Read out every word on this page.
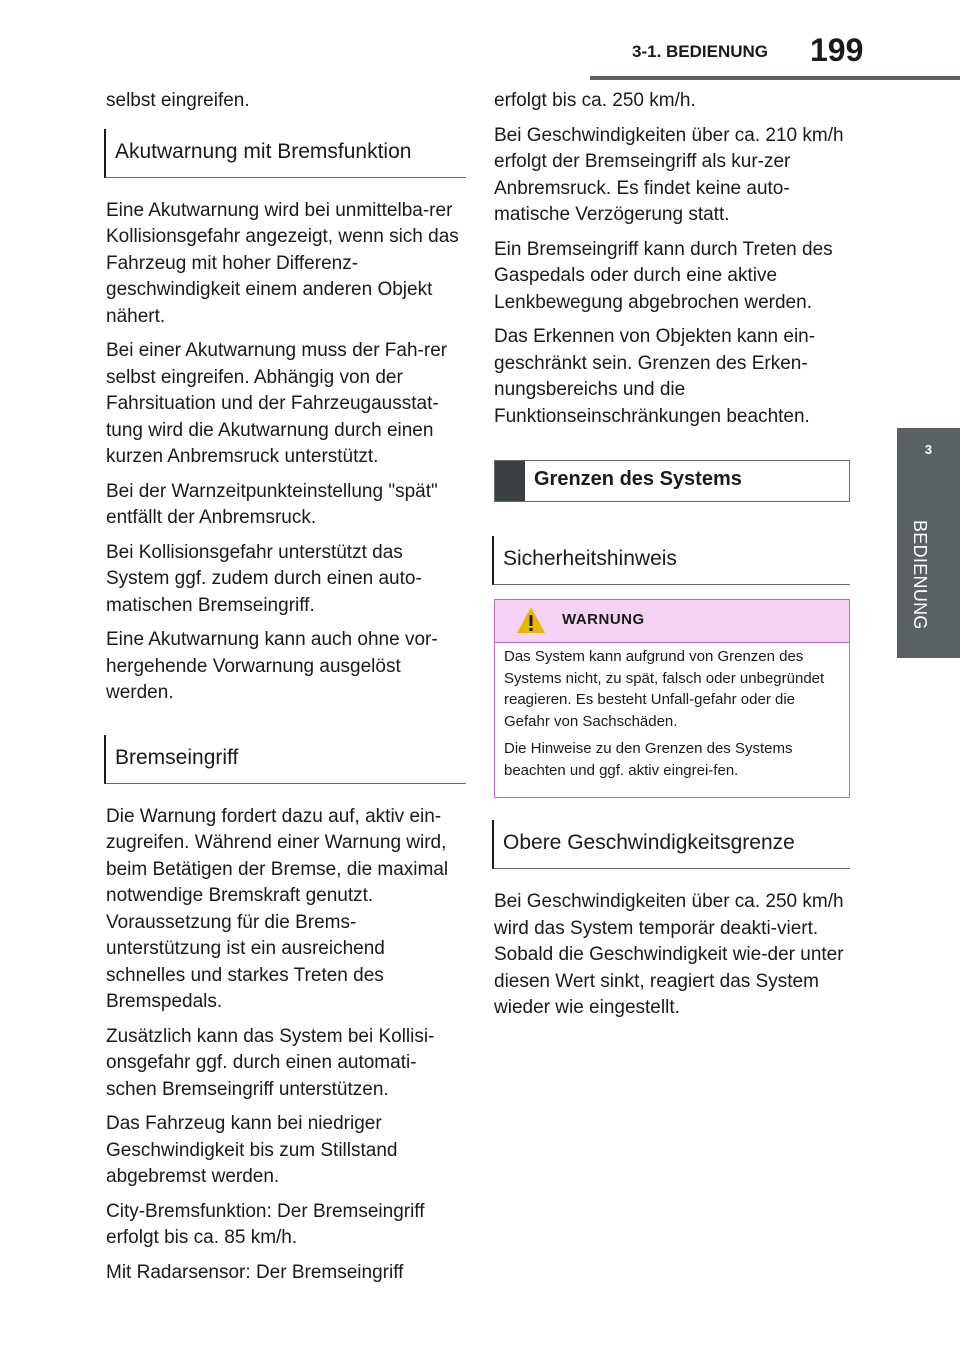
3-1. BEDIENUNG 199
3
BEDIENUNG

selbst eingreifen.

Akutwarnung mit Bremsfunktion

Eine Akutwarnung wird bei unmittelba-rer Kollisionsgefahr angezeigt, wenn sich das Fahrzeug mit hoher Differenz-geschwindigkeit einem anderen Objekt nähert.

Bei einer Akutwarnung muss der Fah-rer selbst eingreifen. Abhängig von der Fahrsituation und der Fahrzeugausstat-tung wird die Akutwarnung durch einen kurzen Anbremsruck unterstützt.

Bei der Warnzeitpunkteinstellung "spät" entfällt der Anbremsruck.

Bei Kollisionsgefahr unterstützt das System ggf. zudem durch einen auto-matischen Bremseingriff.

Eine Akutwarnung kann auch ohne vor-hergehende Vorwarnung ausgelöst werden.

Bremseingriff

Die Warnung fordert dazu auf, aktiv ein-zugreifen. Während einer Warnung wird, beim Betätigen der Bremse, die maximal notwendige Bremskraft genutzt. Voraussetzung für die Brems-unterstützung ist ein ausreichend schnelles und starkes Treten des Bremspedals.

Zusätzlich kann das System bei Kollisi-onsgefahr ggf. durch einen automati-schen Bremseingriff unterstützen.

Das Fahrzeug kann bei niedriger Geschwindigkeit bis zum Stillstand abgebremst werden.

City-Bremsfunktion: Der Bremseingriff erfolgt bis ca. 85 km/h.

Mit Radarsensor: Der Bremseingriff

erfolgt bis ca. 250 km/h.

Bei Geschwindigkeiten über ca. 210 km/h erfolgt der Bremseingriff als kur-zer Anbremsruck. Es findet keine auto-matische Verzögerung statt.

Ein Bremseingriff kann durch Treten des Gaspedals oder durch eine aktive Lenkbewegung abgebrochen werden.

Das Erkennen von Objekten kann ein-geschränkt sein. Grenzen des Erken-nungsbereichs und die Funktionseinschränkungen beachten.

Grenzen des Systems
Sicherheitshinweis
WARNUNG

Das System kann aufgrund von Grenzen des Systems nicht, zu spät, falsch oder unbegründet reagieren. Es besteht Unfall-gefahr oder die Gefahr von Sachschäden.

Die Hinweise zu den Grenzen des Systems beachten und ggf. aktiv eingrei-fen.

Obere Geschwindigkeitsgrenze

Bei Geschwindigkeiten über ca. 250 km/h wird das System temporär deakti-viert. Sobald die Geschwindigkeit wie-der unter diesen Wert sinkt, reagiert das System wieder wie eingestellt.
